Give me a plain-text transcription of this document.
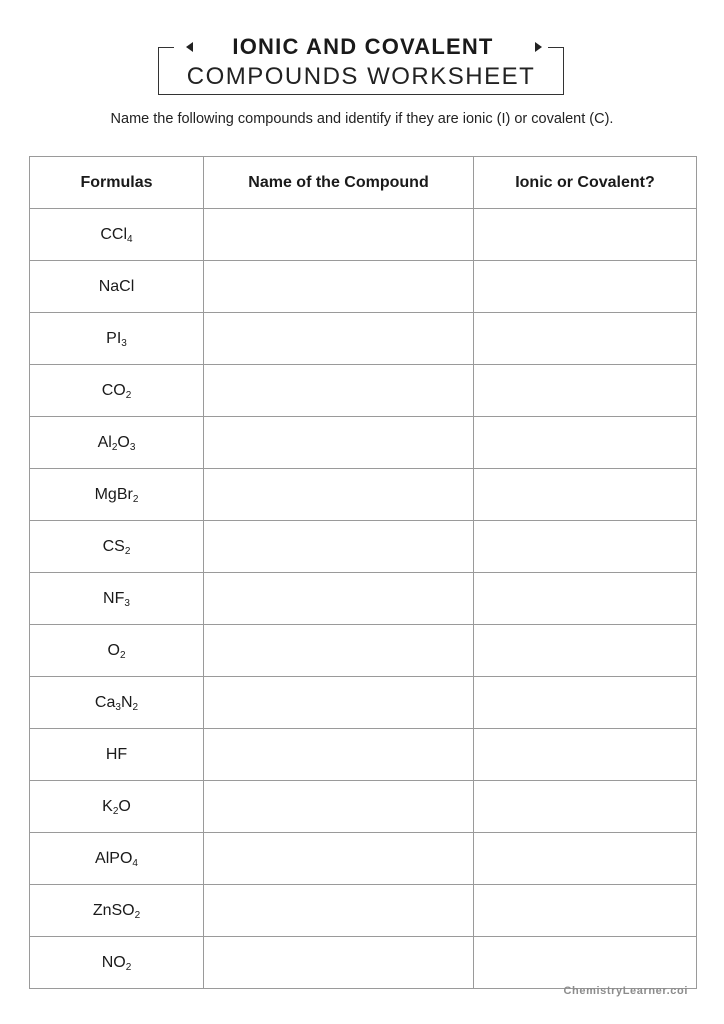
IONIC AND COVALENT
COMPOUNDS WORKSHEET
Name the following compounds and identify if they are ionic (I) or covalent (C).
Formulas	Name of the Compound	Ionic or Covalent?
CCl$_4$		
NaCl		
$PI_3$		
$CO_2$		
$Al_2O_3$		
MgBr$_2$		
$CS_2$		
$NF_3$		
$O_2$		
$Ca_3N_2$		
HF		
$K_2O$		
AlPO$_4$		
ZnSO$_2$		
$NO_2$		
ChemistryLearner.coi
